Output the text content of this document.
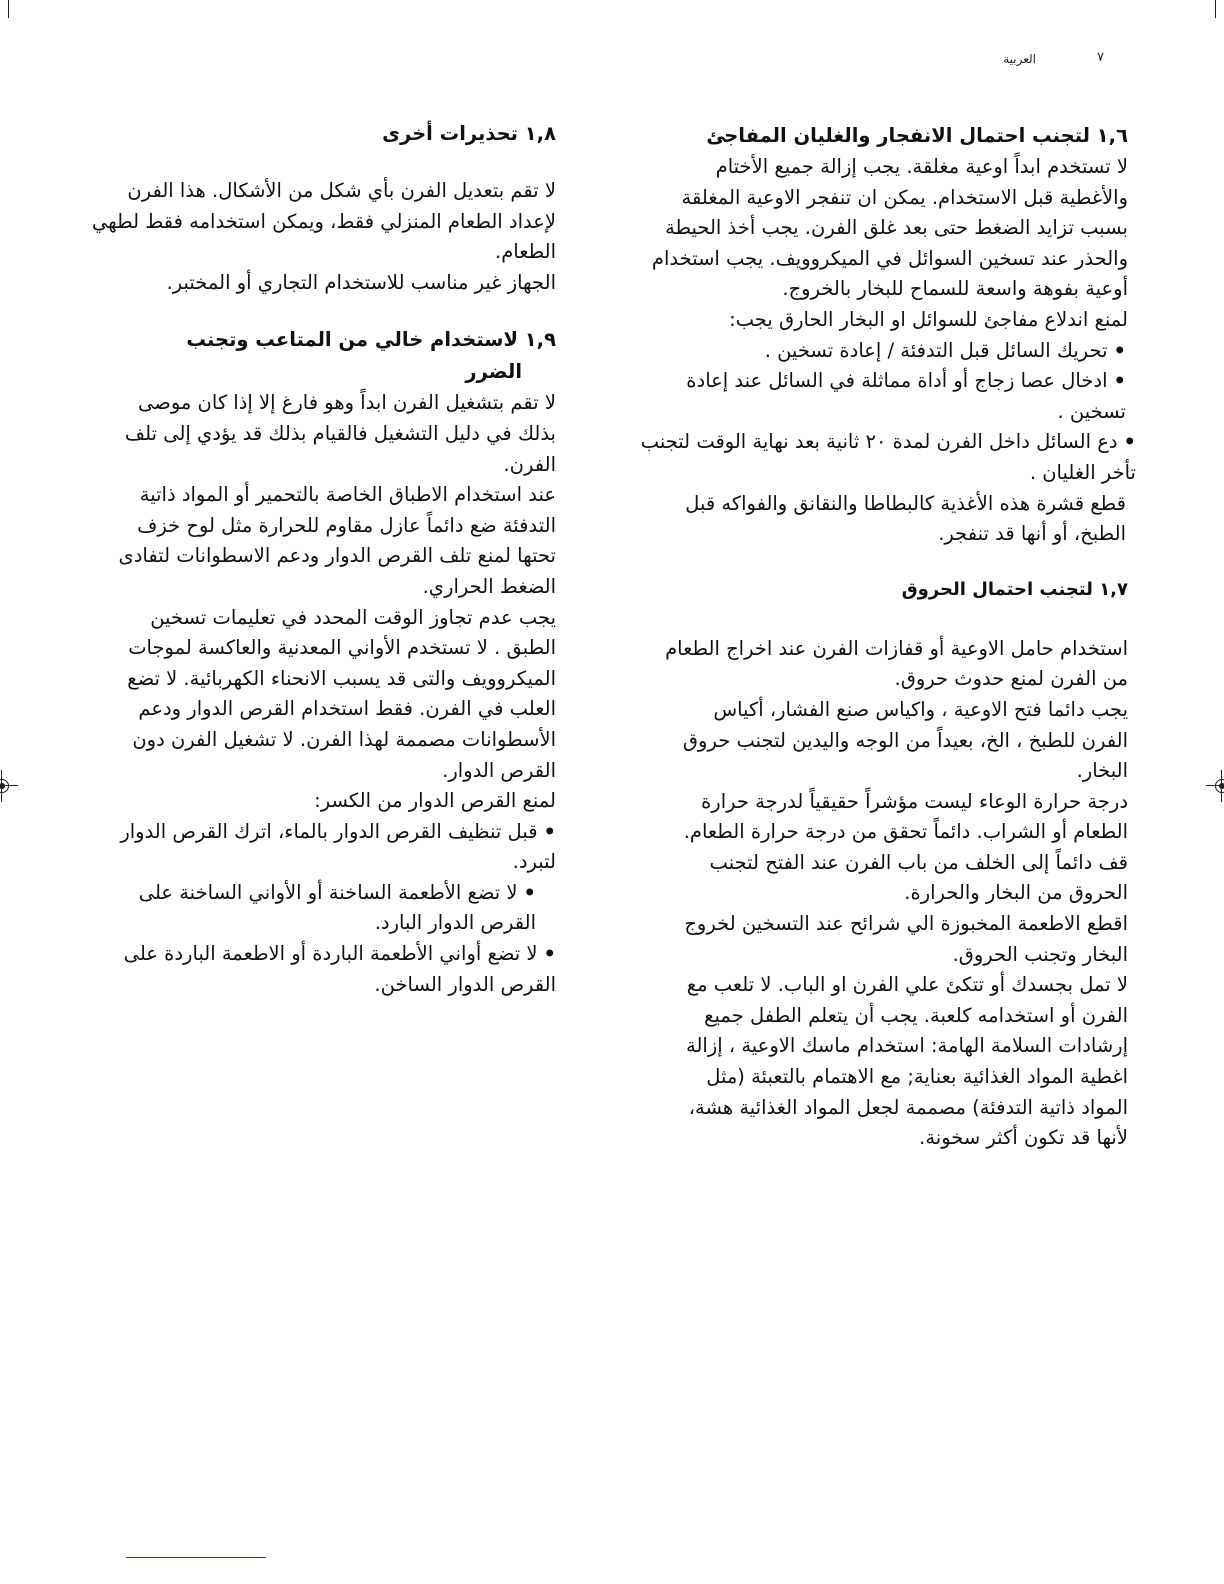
العربية	٧
١,٦ لتجنب احتمال الانفجار والغليان المفاجئ

لا تستخدم ابداً اوعية مغلقة. يجب إزالة جميع الأختام

والأغطية قبل الاستخدام. يمكن ان تنفجر الاوعية المغلقة

بسبب تزايد الضغط حتى بعد غلق الفرن. يجب أخذ الحيطة

والحذر عند تسخين السوائل في الميكروويف. يجب استخدام

أوعية بفوهة واسعة للسماح للبخار بالخروج.

لمنع اندلاع مفاجئ للسوائل او البخار الحارق يجب:

•تحريك السائل قبل التدفئة / إعادة تسخين .
•ادخال عصا زجاج أو أداة مماثلة في السائل عند إعادة تسخين .
•دع السائل داخل الفرن لمدة ٢٠ ثانية بعد نهاية الوقت لتجنب تأخر الغليان .

قطع قشرة هذه الأغذية كالبطاطا والنقانق والفواكه قبل

الطبخ، أو أنها قد تنفجر.

١,٧ لتجنب احتمال الحروق

استخدام حامل الاوعية أو قفازات الفرن عند اخراج الطعام

من الفرن لمنع حدوث حروق.

يجب دائما فتح الاوعية ، واكياس صنع الفشار، أكياس

الفرن للطبخ ، الخ، بعيداً من الوجه واليدين لتجنب حروق

البخار.

درجة حرارة الوعاء ليست مؤشراً حقيقياً لدرجة حرارة

الطعام أو الشراب. دائماً تحقق من درجة حرارة الطعام.

قف دائماً إلى الخلف من باب الفرن عند الفتح لتجنب

الحروق من البخار والحرارة.

اقطع الاطعمة المخبوزة الي شرائح عند التسخين لخروج

البخار وتجنب الحروق.

لا تمل بجسدك أو تتكئ علي الفرن او الباب. لا تلعب مع

الفرن أو استخدامه كلعبة. يجب أن يتعلم الطفل جميع

إرشادات السلامة الهامة: استخدام ماسك الاوعية ، إزالة

اغطية المواد الغذائية بعناية; مع الاهتمام بالتعبئة (مثل

المواد ذاتية التدفئة) مصممة لجعل المواد الغذائية هشة،

لأنها قد تكون أكثر سخونة.

١,٨ تحذيرات أخرى

لا تقم بتعديل الفرن بأي شكل من الأشكال. هذا الفرن

لإعداد الطعام المنزلي فقط، ويمكن استخدامه فقط لطهي

الطعام.

الجهاز غير مناسب للاستخدام التجاري أو المختبر.

١,٩ لاستخدام خالي من المتاعب وتجنب
الضرر

لا تقم بتشغيل الفرن ابداً وهو فارغ إلا إذا كان موصى

بذلك في دليل التشغيل فالقيام بذلك قد يؤدي إلى تلف

الفرن.

عند استخدام الاطباق الخاصة بالتحمير أو المواد ذاتية

التدفئة ضع دائماً عازل مقاوم للحرارة مثل لوح خزف

تحتها لمنع تلف القرص الدوار ودعم الاسطوانات لتفادى

الضغط الحراري.

يجب عدم تجاوز الوقت المحدد في تعليمات تسخين

الطبق . لا تستخدم الأواني المعدنية والعاكسة لموجات

الميكروويف والتى قد يسبب الانحناء الكهربائية. لا تضع

العلب في الفرن. فقط استخدام القرص الدوار ودعم

الأسطوانات مصممة لهذا الفرن. لا تشغيل الفرن دون

القرص الدوار.

لمنع القرص الدوار من الكسر:

•قبل تنظيف القرص الدوار بالماء، اترك القرص الدوار لتبرد.
•لا تضع الأطعمة الساخنة أو الأواني الساخنة على القرص الدوار البارد.
•لا تضع أواني الأطعمة الباردة أو الاطعمة الباردة على القرص الدوار الساخن.
